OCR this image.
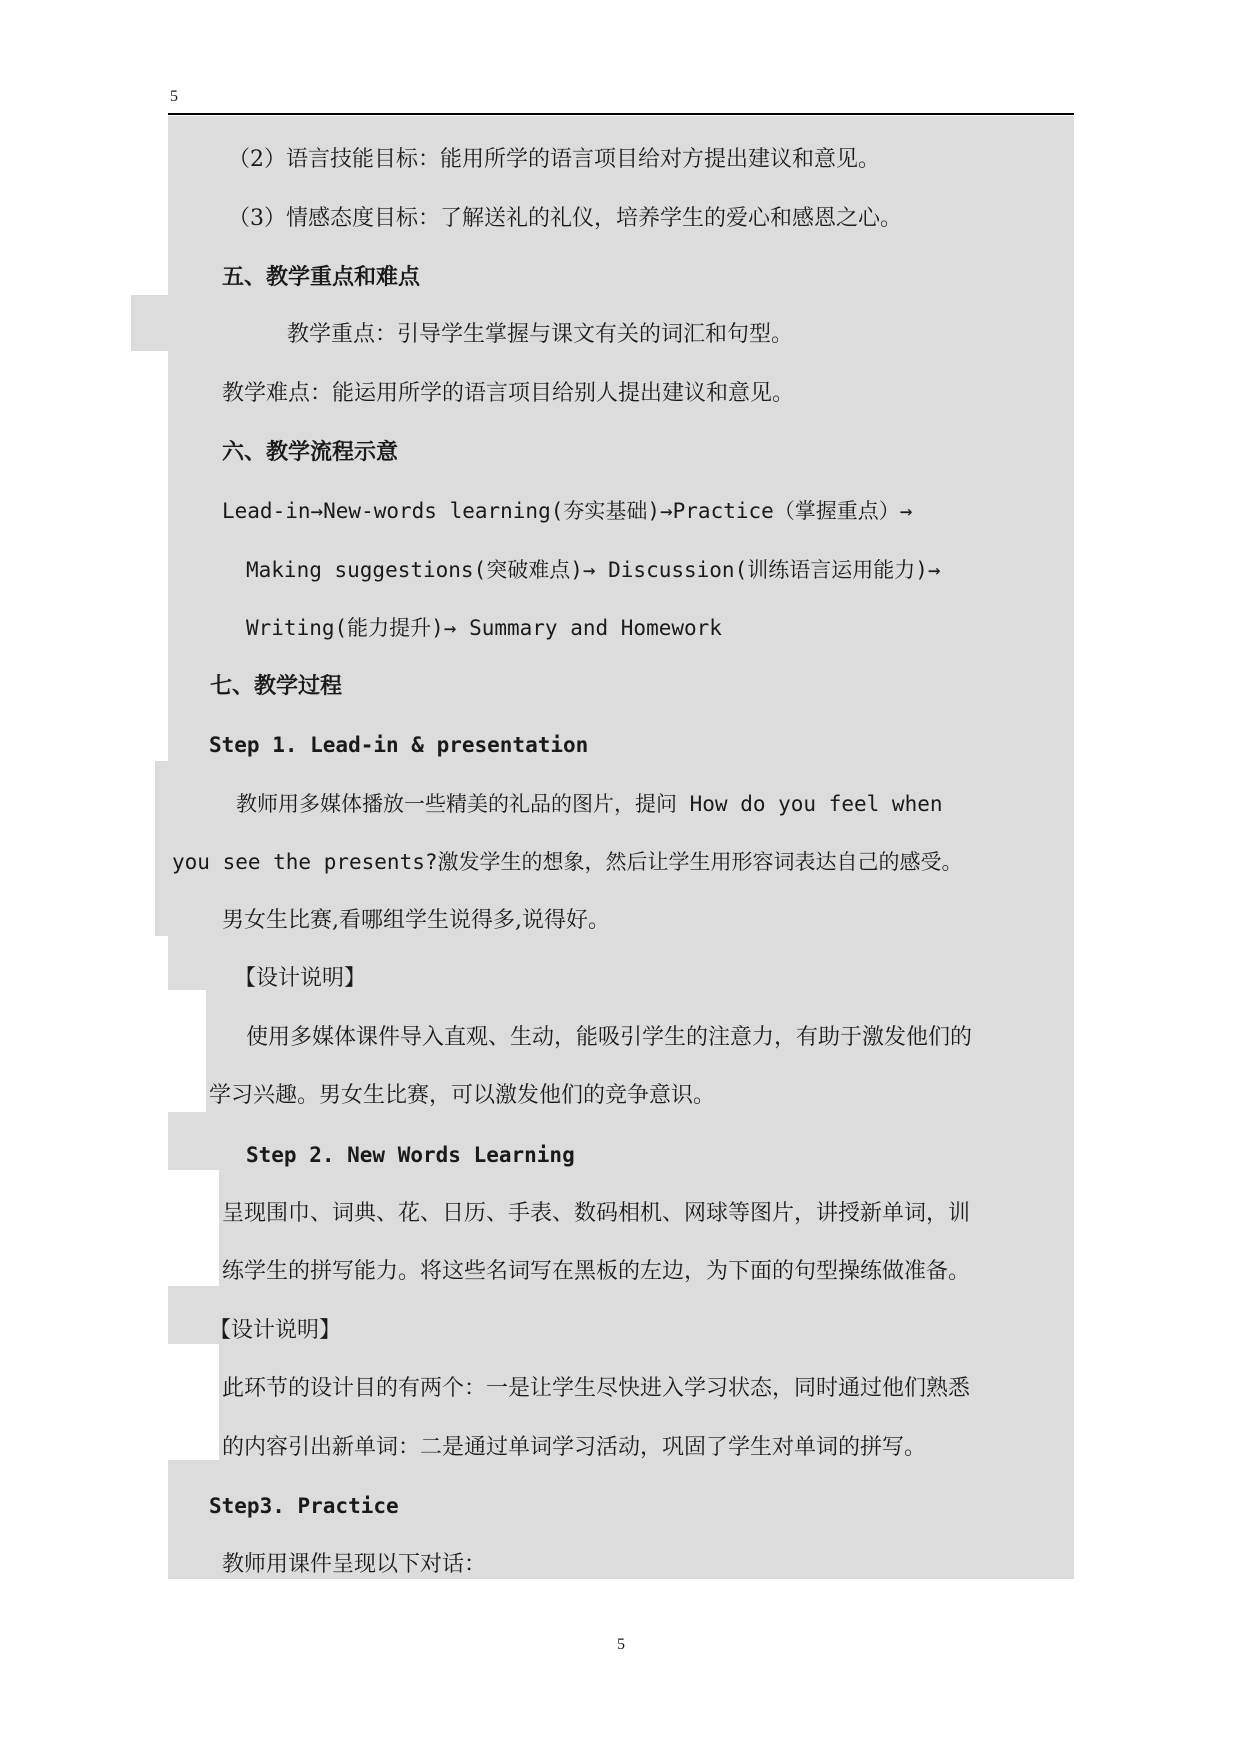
5
（2）语言技能目标：能用所学的语言项目给对方提出建议和意见。
（3）情感态度目标：了解送礼的礼仪，培养学生的爱心和感恩之心。
五、教学重点和难点
教学重点：引导学生掌握与课文有关的词汇和句型。
教学难点：能运用所学的语言项目给别人提出建议和意见。
六、教学流程示意
Lead-in→New-words learning(夯实基础)→Practice（掌握重点）→
Making suggestions(突破难点)→ Discussion(训练语言运用能力)→
Writing(能力提升)→ Summary and Homework
七、教学过程
Step 1. Lead-in & presentation
教师用多媒体播放一些精美的礼品的图片，提问 How do you feel when
you see the presents?激发学生的想象，然后让学生用形容词表达自己的感受。
男女生比赛,看哪组学生说得多,说得好。
【设计说明】
使用多媒体课件导入直观、生动，能吸引学生的注意力，有助于激发他们的
学习兴趣。男女生比赛，可以激发他们的竞争意识。
Step 2. New Words Learning
呈现围巾、词典、花、日历、手表、数码相机、网球等图片，讲授新单词，训
练学生的拼写能力。将这些名词写在黑板的左边，为下面的句型操练做准备。
【设计说明】
此环节的设计目的有两个：一是让学生尽快进入学习状态，同时通过他们熟悉
的内容引出新单词：二是通过单词学习活动，巩固了学生对单词的拼写。
Step3. Practice
教师用课件呈现以下对话：
5
